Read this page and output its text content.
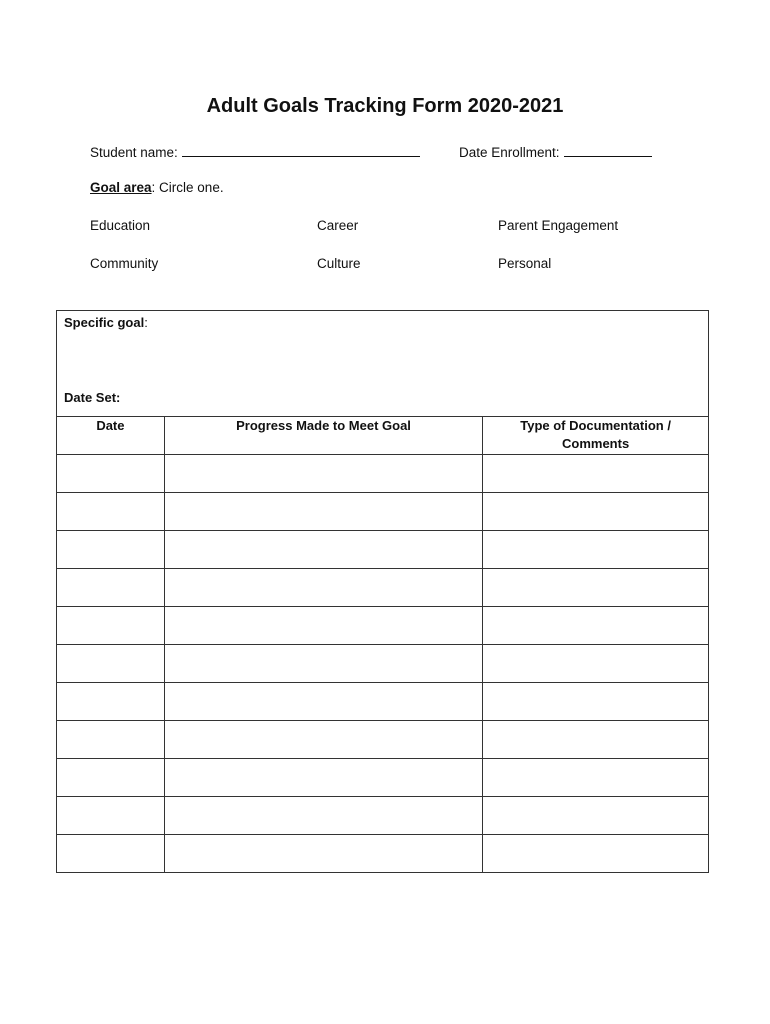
Adult Goals Tracking Form 2020-2021
Student name:	Date Enrollment:
Goal area: Circle one.
Education	Career	Parent Engagement
Community	Culture	Personal
Specific goal:
Date Set:		

Date	Progress Made to Meet Goal	Type of Documentation / Comments
